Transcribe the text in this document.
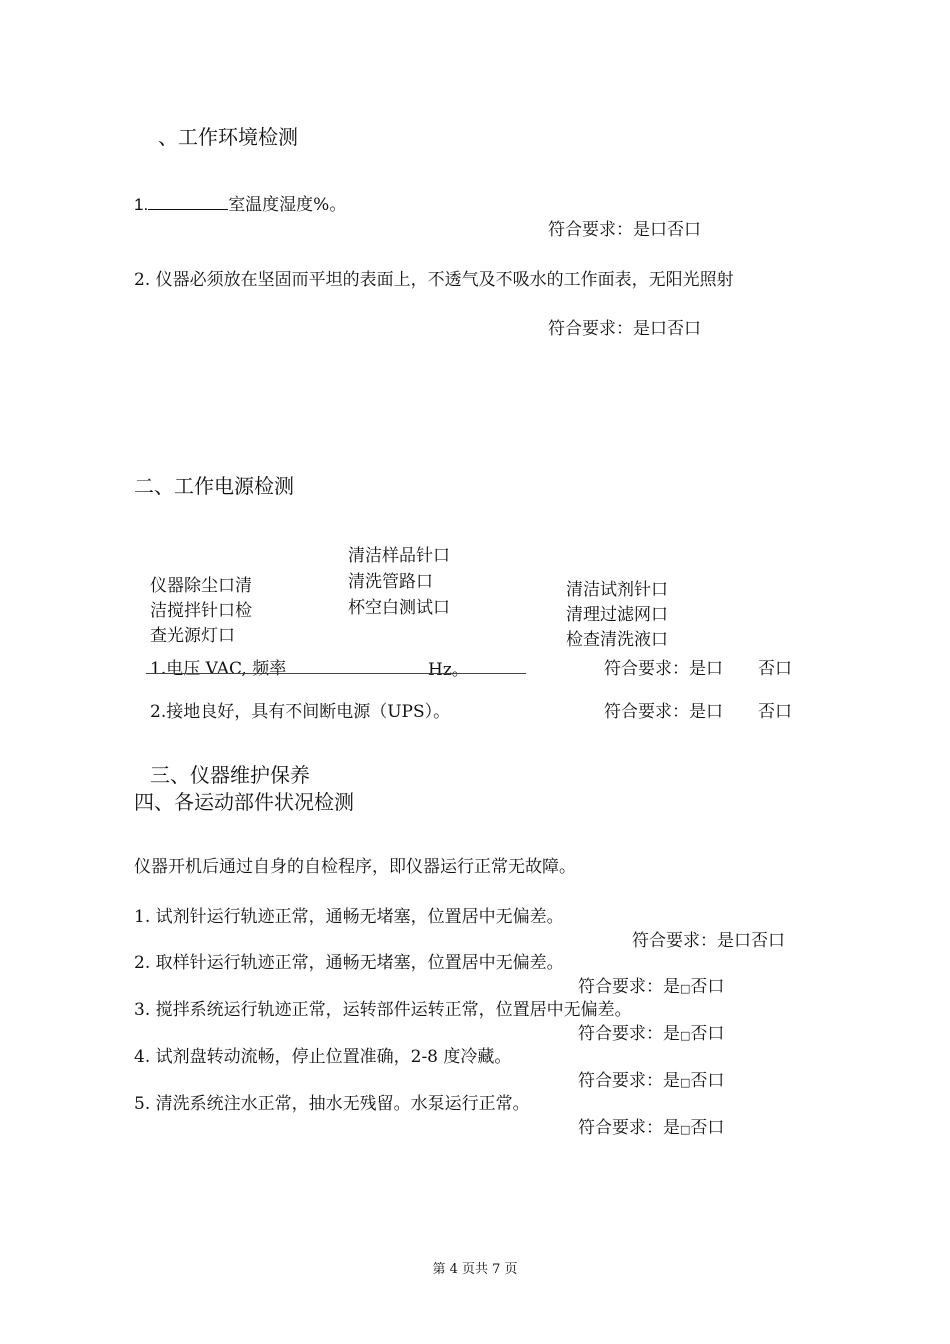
、工作环境检测
1.	室温度湿度%。
符合要求：是口否口
2. 仪器必须放在坚固而平坦的表面上，不透气及不吸水的工作面表，无阳光照射
符合要求：是口否口
二、工作电源检测
仪器除尘口清
洁搅拌针口检
查光源灯口
清洁样品针口
清洗管路口
杯空白测试口
清洁试剂针口
清理过滤网口
检查清洗液口
1.电压 VAC, 频率	Hz。	符合要求：是口 否口
2.接地良好，具有不间断电源（UPS）。	符合要求：是口 否口
三、仪器维护保养
四、各运动部件状况检测
仪器开机后通过自身的自检程序，即仪器运行正常无故障。
1. 试剂针运行轨迹正常，通畅无堵塞，位置居中无偏差。
符合要求：是口否口
2. 取样针运行轨迹正常，通畅无堵塞，位置居中无偏差。
符合要求：是□否口
3. 搅拌系统运行轨迹正常，运转部件运转正常，位置居中无偏差。
符合要求：是□否口
4. 试剂盘转动流畅，停止位置准确，2-8 度冷藏。
符合要求：是□否口
5. 清洗系统注水正常，抽水无残留。水泵运行正常。
符合要求：是□否口
第 4 页共 7 页
